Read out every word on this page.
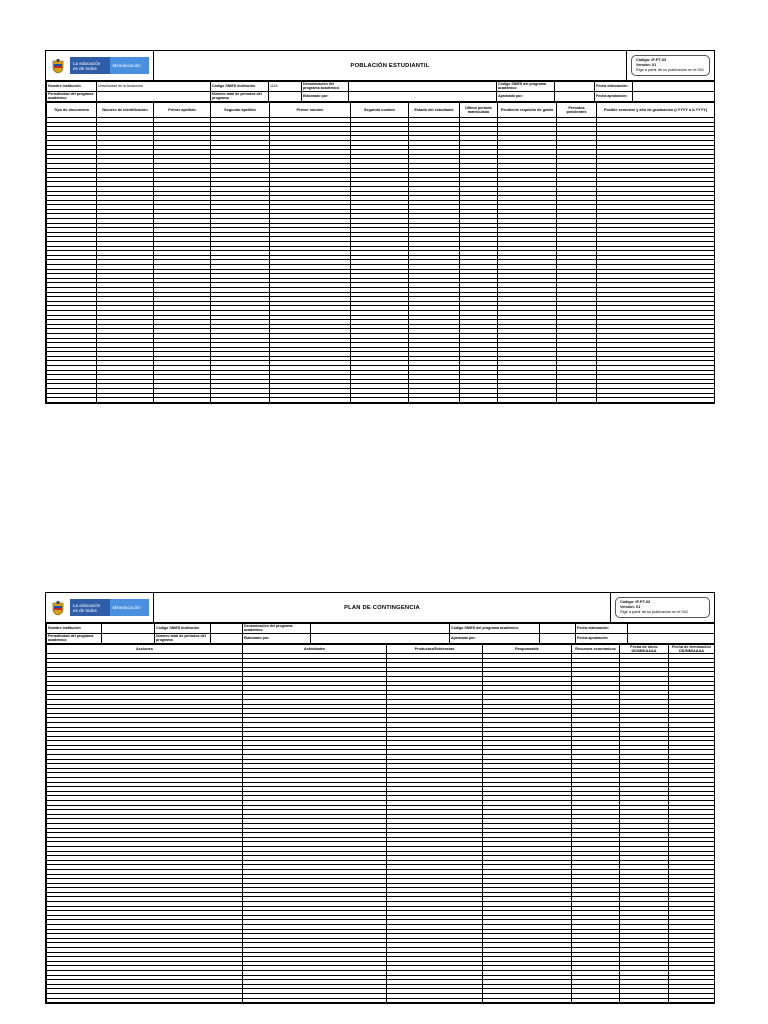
La educación
es de todos	Mineducación	POBLACIÓN ESTUDIANTIL
Código: IF-PT-03
Versión: 01
Rige a partir de su publicación en el SIG
Nombre institución	Universidad de la Amazonía	Código SNIES institución	1118	Denominación del programa académico		Código SNIES del programa académico		Fecha elaboración	
Periodicidad del programa académico		Número total de periodos del programa		Elaborado por:		Aprobado por:		Fecha aprobación	
Tipo de documento	Número de identificación	Primer apellido	Segundo apellido	Primer nombre	Segundo nombre	Estado del estudiante	Último periodo matriculado	Pendiente requisito de grado	Periodos pendientes	Posible semestre y año de graduación (I-YYYY ó II-YYYY)

La educación
es de todos	Mineducación	PLAN DE CONTINGENCIA
Código: IF-PT-03
Versión: 01
Rige a partir de su publicación en el SIG
Nombre institución		Código SNIES institución		Denominación del programa académico		Código SNIES del programa académico		Fecha elaboración	
Periodicidad del programa académico		Número total de periodos del programa		Elaborado por:		Aprobado por:		Fecha aprobación	
Acciones	Actividades	Productos/Evidencias	Responsable	Recursos económicos	Fecha de inicio DD/MM/AAAA	Fecha de terminación DD/MM/AAAA
